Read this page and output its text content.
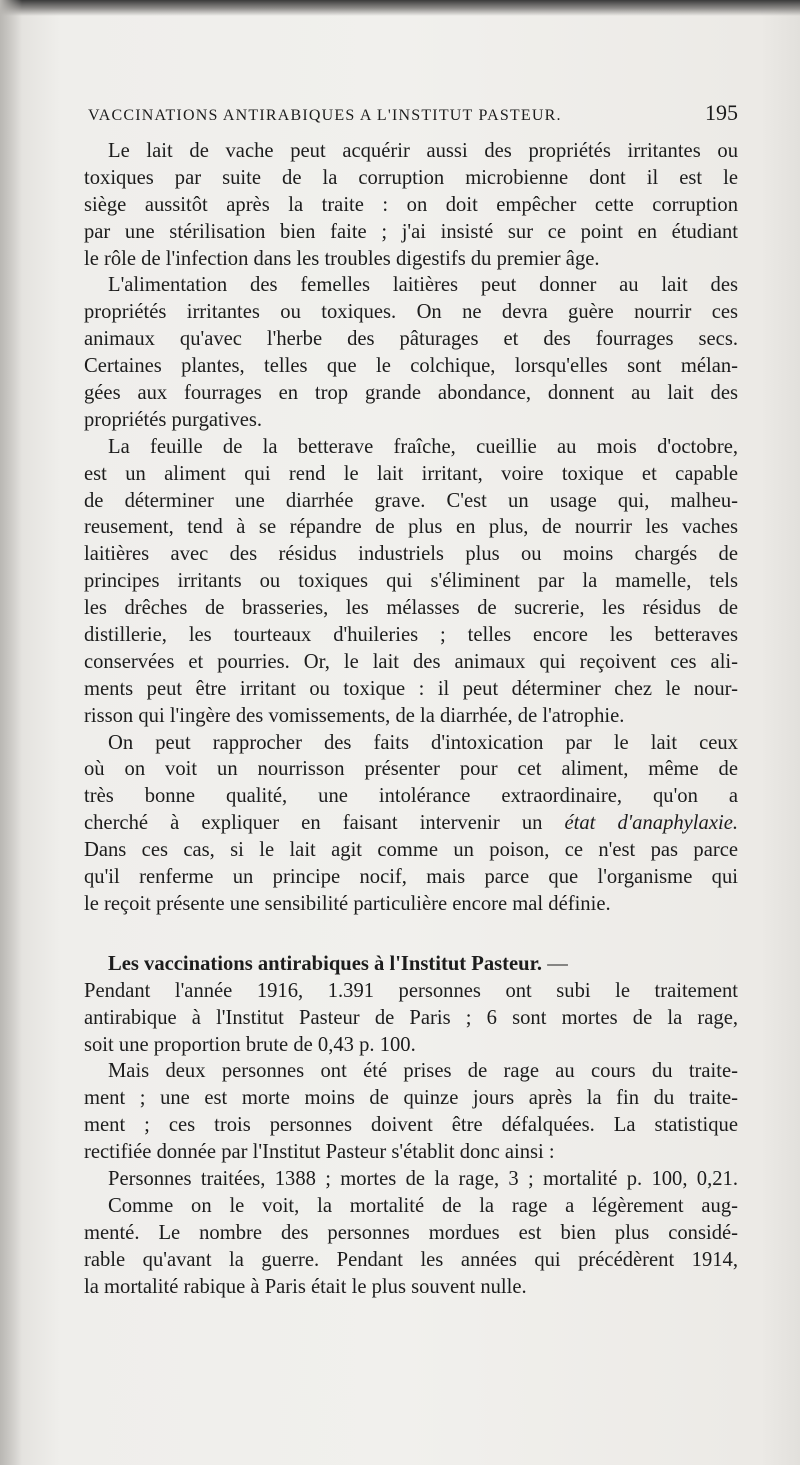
VACCINATIONS ANTIRABIQUES A L'INSTITUT PASTEUR.	195
Le lait de vache peut acquérir aussi des propriétés irritantes ou
toxiques par suite de la corruption microbienne dont il est le
siège aussitôt après la traite : on doit empêcher cette corruption
par une stérilisation bien faite ; j'ai insisté sur ce point en étudiant
le rôle de l'infection dans les troubles digestifs du premier âge.
L'alimentation des femelles laitières peut donner au lait des
propriétés irritantes ou toxiques. On ne devra guère nourrir ces
animaux qu'avec l'herbe des pâturages et des fourrages secs.
Certaines plantes, telles que le colchique, lorsqu'elles sont mélan-
gées aux fourrages en trop grande abondance, donnent au lait des
propriétés purgatives.
La feuille de la betterave fraîche, cueillie au mois d'octobre,
est un aliment qui rend le lait irritant, voire toxique et capable
de déterminer une diarrhée grave. C'est un usage qui, malheu-
reusement, tend à se répandre de plus en plus, de nourrir les vaches
laitières avec des résidus industriels plus ou moins chargés de
principes irritants ou toxiques qui s'éliminent par la mamelle, tels
les drêches de brasseries, les mélasses de sucrerie, les résidus de
distillerie, les tourteaux d'huileries ; telles encore les betteraves
conservées et pourries. Or, le lait des animaux qui reçoivent ces ali-
ments peut être irritant ou toxique : il peut déterminer chez le nour-
risson qui l'ingère des vomissements, de la diarrhée, de l'atrophie.
On peut rapprocher des faits d'intoxication par le lait ceux
où on voit un nourrisson présenter pour cet aliment, même de
très bonne qualité, une intolérance extraordinaire, qu'on a
cherché à expliquer en faisant intervenir un état d'anaphylaxie.
Dans ces cas, si le lait agit comme un poison, ce n'est pas parce
qu'il renferme un principe nocif, mais parce que l'organisme qui
le reçoit présente une sensibilité particulière encore mal définie.
Les vaccinations antirabiques à l'Institut Pasteur. —
Pendant l'année 1916, 1.391 personnes ont subi le traitement
antirabique à l'Institut Pasteur de Paris ; 6 sont mortes de la rage,
soit une proportion brute de 0,43 p. 100.
Mais deux personnes ont été prises de rage au cours du traite-
ment ; une est morte moins de quinze jours après la fin du traite-
ment ; ces trois personnes doivent être défalquées. La statistique
rectifiée donnée par l'Institut Pasteur s'établit donc ainsi :
Personnes traitées, 1388 ; mortes de la rage, 3 ; mortalité p. 100, 0,21.
Comme on le voit, la mortalité de la rage a légèrement aug-
menté. Le nombre des personnes mordues est bien plus considé-
rable qu'avant la guerre. Pendant les années qui précédèrent 1914,
la mortalité rabique à Paris était le plus souvent nulle.
